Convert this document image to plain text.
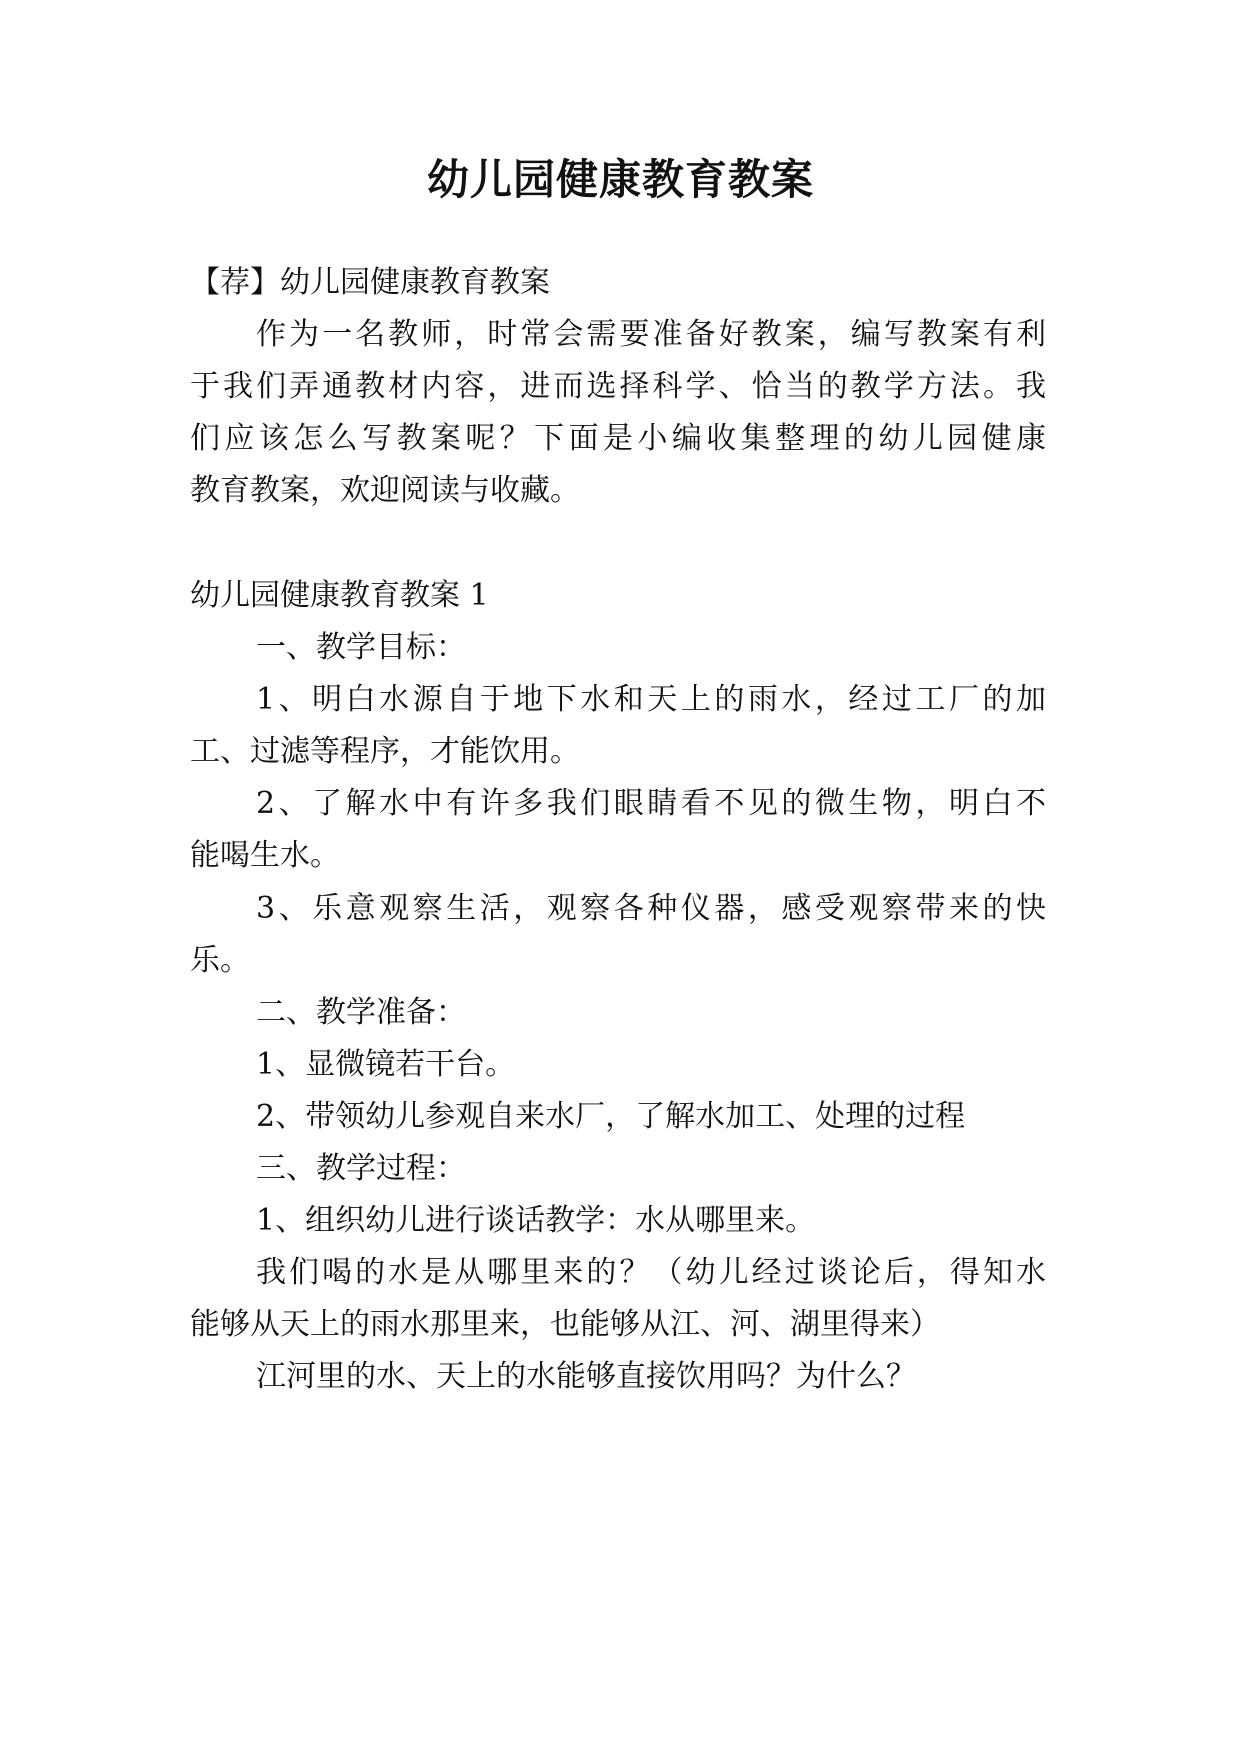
幼儿园健康教育教案
【荐】幼儿园健康教育教案
作为一名教师，时常会需要准备好教案，编写教案有利
于我们弄通教材内容，进而选择科学、恰当的教学方法。我
们应该怎么写教案呢？下面是小编收集整理的幼儿园健康
教育教案，欢迎阅读与收藏。
幼儿园健康教育教案 1
一、教学目标：
1、明白水源自于地下水和天上的雨水，经过工厂的加
工、过滤等程序，才能饮用。
2、了解水中有许多我们眼睛看不见的微生物，明白不
能喝生水。
3、乐意观察生活，观察各种仪器，感受观察带来的快
乐。
二、教学准备：
1、显微镜若干台。
2、带领幼儿参观自来水厂，了解水加工、处理的过程
三、教学过程：
1、组织幼儿进行谈话教学：水从哪里来。
我们喝的水是从哪里来的？（幼儿经过谈论后，得知水
能够从天上的雨水那里来，也能够从江、河、湖里得来）
江河里的水、天上的水能够直接饮用吗？为什么？
